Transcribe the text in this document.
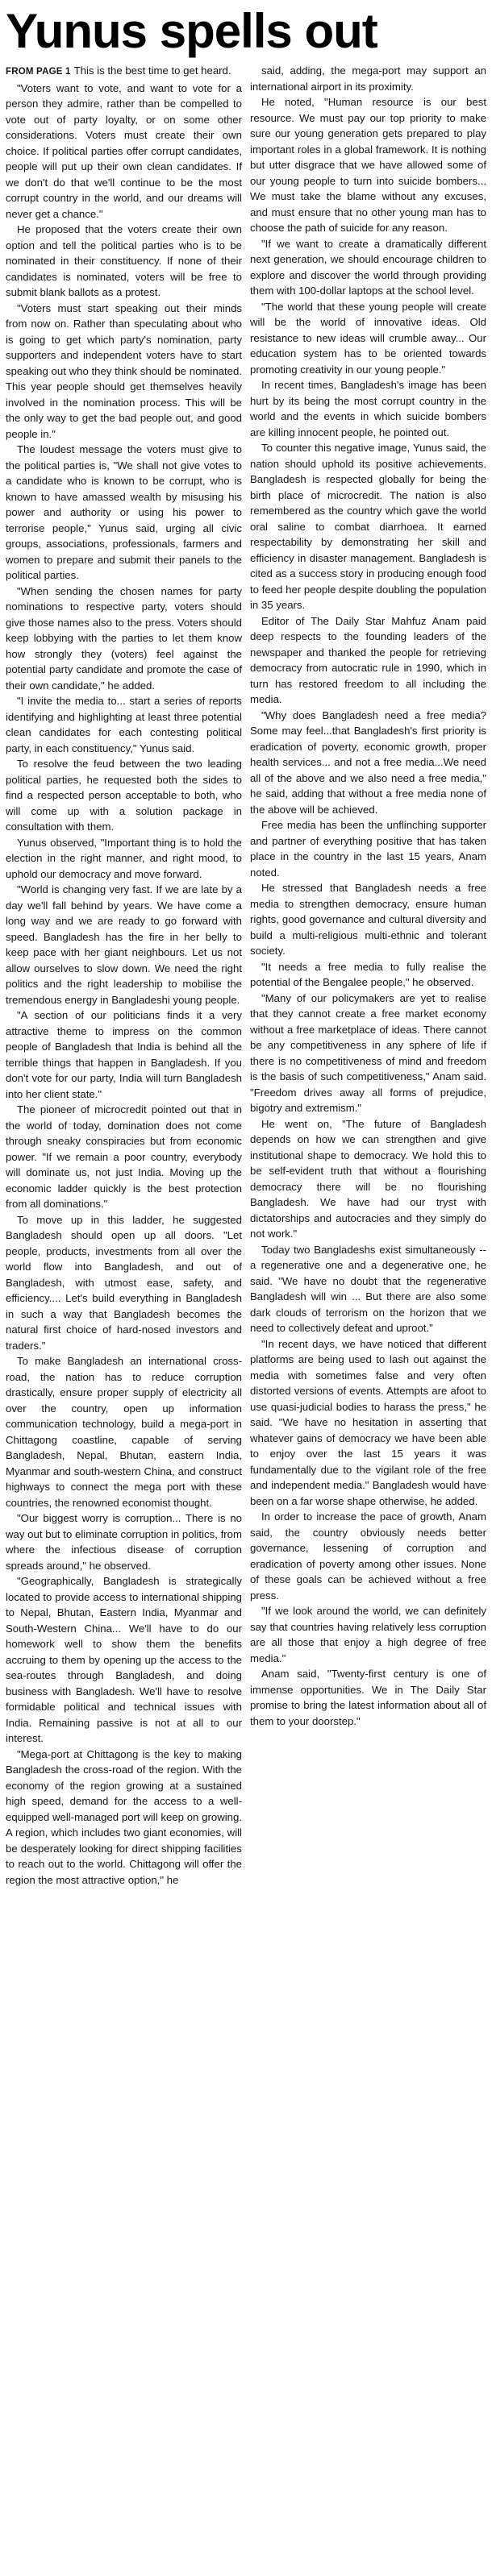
Yunus spells out

FROM PAGE 1 This is the best time to get heard.

"Voters want to vote, and want to vote for a person they admire, rather than be compelled to vote out of party loyalty, or on some other considerations. Voters must create their own choice. If political parties offer corrupt candidates, people will put up their own clean candidates. If we don't do that we'll continue to be the most corrupt country in the world, and our dreams will never get a chance."

He proposed that the voters create their own option and tell the political parties who is to be nominated in their constituency. If none of their candidates is nominated, voters will be free to submit blank ballots as a protest.

"Voters must start speaking out their minds from now on. Rather than speculating about who is going to get which party's nomination, party supporters and independent voters have to start speaking out who they think should be nominated. This year people should get themselves heavily involved in the nomination process. This will be the only way to get the bad people out, and good people in."

The loudest message the voters must give to the political parties is, "We shall not give votes to a candidate who is known to be corrupt, who is known to have amassed wealth by misusing his power and authority or using his power to terrorise people," Yunus said, urging all civic groups, associations, professionals, farmers and women to prepare and submit their panels to the political parties.

"When sending the chosen names for party nominations to respective party, voters should give those names also to the press. Voters should keep lobbying with the parties to let them know how strongly they (voters) feel against the potential party candidate and promote the case of their own candidate," he added.

"I invite the media to... start a series of reports identifying and highlighting at least three potential clean candidates for each contesting political party, in each constituency," Yunus said.

To resolve the feud between the two leading political parties, he requested both the sides to find a respected person acceptable to both, who will come up with a solution package in consultation with them.

Yunus observed, "Important thing is to hold the election in the right manner, and right mood, to uphold our democracy and move forward.

"World is changing very fast. If we are late by a day we'll fall behind by years. We have come a long way and we are ready to go forward with speed. Bangladesh has the fire in her belly to keep pace with her giant neighbours. Let us not allow ourselves to slow down. We need the right politics and the right leadership to mobilise the tremendous energy in Bangladeshi young people.

"A section of our politicians finds it a very attractive theme to impress on the common people of Bangladesh that India is behind all the terrible things that happen in Bangladesh. If you don't vote for our party, India will turn Bangladesh into her client state."

The pioneer of microcredit pointed out that in the world of today, domination does not come through sneaky conspiracies but from economic power. "If we remain a poor country, everybody will dominate us, not just India. Moving up the economic ladder quickly is the best protection from all dominations."

To move up in this ladder, he suggested Bangladesh should open up all doors. "Let people, products, investments from all over the world flow into Bangladesh, and out of Bangladesh, with utmost ease, safety, and efficiency.... Let's build everything in Bangladesh in such a way that Bangladesh becomes the natural first choice of hard-nosed investors and traders."

To make Bangladesh an international cross-road, the nation has to reduce corruption drastically, ensure proper supply of electricity all over the country, open up information communication technology, build a mega-port in Chittagong coastline, capable of serving Bangladesh, Nepal, Bhutan, eastern India, Myanmar and south-western China, and construct highways to connect the mega port with these countries, the renowned economist thought.

"Our biggest worry is corruption... There is no way out but to eliminate corruption in politics, from where the infectious disease of corruption spreads around," he observed.

"Geographically, Bangladesh is strategically located to provide access to international shipping to Nepal, Bhutan, Eastern India, Myanmar and South-Western China... We'll have to do our homework well to show them the benefits accruing to them by opening up the access to the sea-routes through Bangladesh, and doing business with Bangladesh. We'll have to resolve formidable political and technical issues with India. Remaining passive is not at all to our interest.

"Mega-port at Chittagong is the key to making Bangladesh the cross-road of the region. With the economy of the region growing at a sustained high speed, demand for the access to a well-equipped well-managed port will keep on growing. A region, which includes two giant economies, will be desperately looking for direct shipping facilities to reach out to the world. Chittagong will offer the region the most attractive option," he

said, adding, the mega-port may support an international airport in its proximity.

He noted, "Human resource is our best resource. We must pay our top priority to make sure our young generation gets prepared to play important roles in a global framework. It is nothing but utter disgrace that we have allowed some of our young people to turn into suicide bombers... We must take the blame without any excuses, and must ensure that no other young man has to choose the path of suicide for any reason.

"If we want to create a dramatically different next generation, we should encourage children to explore and discover the world through providing them with 100-dollar laptops at the school level.

"The world that these young people will create will be the world of innovative ideas. Old resistance to new ideas will crumble away... Our education system has to be oriented towards promoting creativity in our young people."

In recent times, Bangladesh's image has been hurt by its being the most corrupt country in the world and the events in which suicide bombers are killing innocent people, he pointed out.

To counter this negative image, Yunus said, the nation should uphold its positive achievements. Bangladesh is respected globally for being the birth place of microcredit. The nation is also remembered as the country which gave the world oral saline to combat diarrhoea. It earned respectability by demonstrating her skill and efficiency in disaster management. Bangladesh is cited as a success story in producing enough food to feed her people despite doubling the population in 35 years.

Editor of The Daily Star Mahfuz Anam paid deep respects to the founding leaders of the newspaper and thanked the people for retrieving democracy from autocratic rule in 1990, which in turn has restored freedom to all including the media.

"Why does Bangladesh need a free media? Some may feel...that Bangladesh's first priority is eradication of poverty, economic growth, proper health services... and not a free media...We need all of the above and we also need a free media," he said, adding that without a free media none of the above will be achieved.

Free media has been the unflinching supporter and partner of everything positive that has taken place in the country in the last 15 years, Anam noted.

He stressed that Bangladesh needs a free media to strengthen democracy, ensure human rights, good governance and cultural diversity and build a multi-religious multi-ethnic and tolerant society.

"It needs a free media to fully realise the potential of the Bengalee people," he observed.

"Many of our policymakers are yet to realise that they cannot create a free market economy without a free marketplace of ideas. There cannot be any competitiveness in any sphere of life if there is no competitiveness of mind and freedom is the basis of such competitiveness," Anam said. "Freedom drives away all forms of prejudice, bigotry and extremism."

He went on, "The future of Bangladesh depends on how we can strengthen and give institutional shape to democracy. We hold this to be self-evident truth that without a flourishing democracy there will be no flourishing Bangladesh. We have had our tryst with dictatorships and autocracies and they simply do not work."

Today two Bangladeshs exist simultaneously -- a regenerative one and a degenerative one, he said. "We have no doubt that the regenerative Bangladesh will win ... But there are also some dark clouds of terrorism on the horizon that we need to collectively defeat and uproot."

"In recent days, we have noticed that different platforms are being used to lash out against the media with sometimes false and very often distorted versions of events. Attempts are afoot to use quasi-judicial bodies to harass the press," he said. "We have no hesitation in asserting that whatever gains of democracy we have been able to enjoy over the last 15 years it was fundamentally due to the vigilant role of the free and independent media." Bangladesh would have been on a far worse shape otherwise, he added.

In order to increase the pace of growth, Anam said, the country obviously needs better governance, lessening of corruption and eradication of poverty among other issues. None of these goals can be achieved without a free press.

"If we look around the world, we can definitely say that countries having relatively less corruption are all those that enjoy a high degree of free media."

Anam said, "Twenty-first century is one of immense opportunities. We in The Daily Star promise to bring the latest information about all of them to your doorstep."
